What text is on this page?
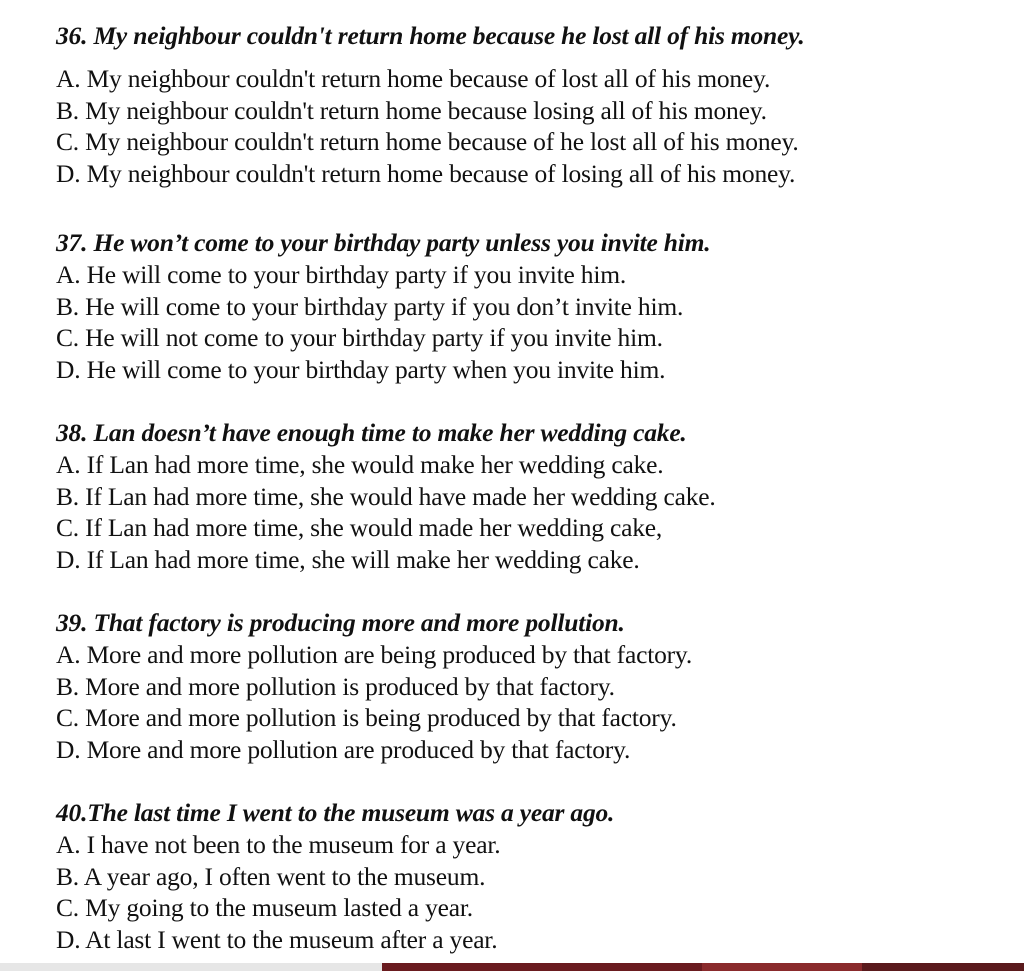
36. My neighbour couldn't return home because he lost all of his money.
A. My neighbour couldn't return home because of lost all of his money.
B. My neighbour couldn't return home because losing all of his money.
C. My neighbour couldn't return home because of he lost all of his money.
D. My neighbour couldn't return home because of losing all of his money.
37. He won’t come to your birthday party unless you invite him.
A. He will come to your birthday party if you invite him.
B. He will come to your birthday party if you don’t invite him.
C. He will not come to your birthday party if you invite him.
D. He will come to your birthday party when you invite him.
38. Lan doesn’t have enough time to make her wedding cake.
A. If Lan had more time, she would make her wedding cake.
B. If Lan had more time, she would have made her wedding cake.
C. If Lan had more time, she would made her wedding cake,
D. If Lan had more time, she will make her wedding cake.
39. That factory is producing more and more pollution.
A. More and more pollution are being produced by that factory.
B. More and more pollution is produced by that factory.
C. More and more pollution is being produced by that factory.
D. More and more pollution are produced by that factory.
40.The last time I went to the museum was a year ago.
A. I have not been to the museum for a year.
B. A year ago, I often went to the museum.
C. My going to the museum lasted a year.
D. At last I went to the museum after a year.
